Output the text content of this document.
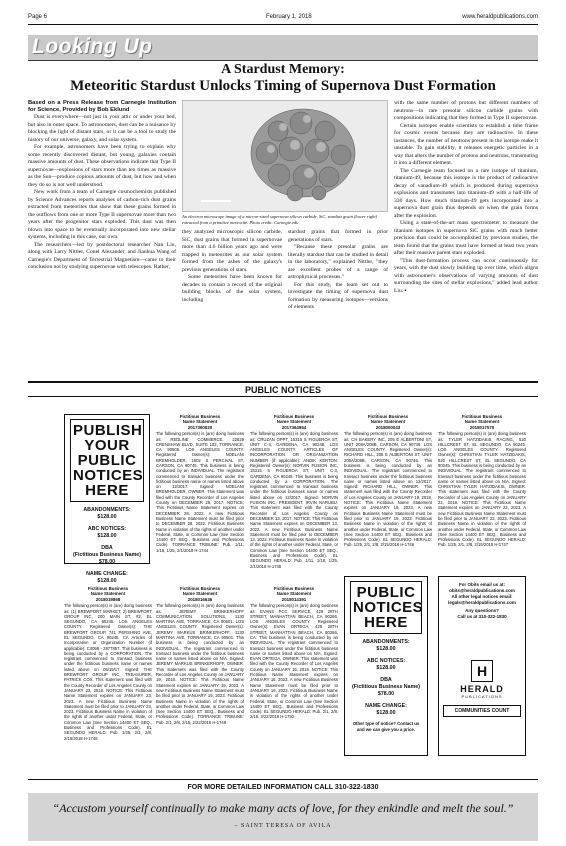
Page 6	February 1, 2018	www.heraldpublications.com
Looking Up
A Stardust Memory:
Meteoritic Stardust Unlocks Timing of Supernova Dust Formation

Based on a Press Release from Carnegie Institution for Science, Provided by Bob Eklund

Dust is everywhere—not just in your attic or under your bed, but also in outer space. To astronomers, dust can be a nuisance by blocking the light of distant stars, or it can be a tool to study the history of our universe, galaxy, and solar system.

For example, astronomers have been trying to explain why some recently discovered distant, but young, galaxies contain massive amounts of dust. These observations indicate that Type II supernovae—explosions of stars more than ten times as massive as the Sun—produce copious amounts of dust, but how and when they do so is not well understood.

New work from a team of Carnegie cosmochemists published by Science Advances reports analyses of carbon-rich dust grains extracted from meteorites that show that these grains formed in the outflows from one or more Type II supernovae more than two years after the progenitor stars exploded. This dust was then blown into space to be eventually incorporated into new stellar systems, including in this case, our own.

The researchers—led by postdoctoral researcher Nan Liu, along with Larry Nittler, Conel Alexander, and Jianhua Wang of Carnegie's Department of Terrestrial Magnetism—came to their conclusion not by studying supernovae with telescopes. Rather,

An electron microscope image of a micron-sized supernova silicon carbide, SiC, stardust grain (lower right) extracted from a primitive meteorite. Photo credit: Carnegie.edu

they analyzed microscopic silicon carbide, SiC, dust grains that formed in supernovae more than 4.6 billion years ago and were trapped in meteorites as our solar system formed from the ashes of the galaxy's previous generations of stars.

Some meteorites have been known for decades to contain a record of the original building blocks of the solar system, including

stardust grains that formed in prior generations of stars.

"Because these presolar grains are literally stardust that can be studied in detail in the laboratory," explained Nittler, "they are excellent probes of a range of astrophysical processes."

For this study, the team set out to investigate the timing of supernova dust formation by measuring isotopes—versions of elements

with the same number of protons but different numbers of neutrons—in rare presolar silicon carbide grains with compositions indicating that they formed in Type II supernovae.

Certain isotopes enable scientists to establish a time frame for cosmic events because they are radioactive. In these instances, the number of neutrons present in the isotope make it unstable. To gain stability, it releases energetic particles in a way that alters the number of protons and neutrons, transmuting it into a different element.

The Carnegie team focused on a rare isotope of titanium, titanium-49, because this isotope is the product of radioactive decay of vanadium-49 which is produced during supernova explosions and transmutes into titanium-49 with a half-life of 330 days. How much titanium-49 gets incorporated into a supernova dust grain thus depends on when the grain forms after the explosion.

Using a state-of-the-art mass spectrometer to measure the titanium isotopes in supernova SiC grains with much better precision than could be accomplished by previous studies, the team found that the grains must have formed at least two years after their massive parent stars exploded.

"This dust-formation process can occur continuously for years, with the dust slowly building up over time, which aligns with astronomer's observations of varying amounts of dust surrounding the sites of stellar explosions," added lead author Liu. ▪

PUBLIC NOTICES
PUBLISH YOUR PUBLIC NOTICES HERE
ABANDONMENTS:
$128.00
ABC NOTICES:
$128.00
DBA
(Fictitious Business Name)
$78.00
NAME CHANGE:
$128.00
Fictitious Business
Name Statement
2017360020
The following person(s) is (are) doing business as: REDLINE COMMERCE, 22829 CRENSHAW BLVD, SUITE 102, TORRANCE, CA 90505. LOS ANGELES COUNTY. Registered Owner(s): NOELANI BREMHOLDER, 1602 S PERCIVAL ST, CARSON, CA 90745. This business is being conducted by an INDIVIDUAL. The registrant commenced to transact business under the fictitious business name or names listed above on 12/2017. Signed: NOELANI BREMHOLDER, OWNER. This statement was filed with the County Recorder of Los Angeles County on DECEMBER 29, 2017. NOTICE: This Fictitious Name Statement expires on DECEMBER 28, 2022. A new Fictitious Business Name Statement must be filed prior to DECEMBER 28, 2022. Fictitious Business Name in violation of the rights of another under Federal, State, or Common Law (See Section 14400 ET SEQ., Business and Professions Code). TORRANCE TRIBUNE: Pub. 1/11, 1/18, 1/25, 2/1/2018 H-1744
Fictitious Business
Name Statement
2017364954
The following person(s) is (are) doing business as: CRUZAN OPPT, 15315 S FIGUEROA ST, UNIT C-3, GARDENA, CA 90248. LOS ANGELES COUNTY. ARTICLES OF INCORPORATION OR ORGANIZATION NUMBER (if applicable): ANDIK KERTON. Registered Owner(s): NORVIN FUSION INC, 15315 S FIGUEROA ST, UNIT C-3, GARDENA, CA 90248. This business is being conducted by a CORPORATION. The registrant commenced to transact business under the fictitious business name or names listed above on 12/2017. Signed: NORVIN FUSION INC, PRESIDENT, IRVIN NARUBU. This statement was filed with the County Recorder of Los Angeles County on DECEMBER 13, 2017. NOTICE: This Fictitious Name Statement expires on DECEMBER 13, 2022. A new Fictitious Business Name Statement must be filed prior to DECEMBER 13, 2022. Fictitious Business Name in violation of the rights of another under Federal, State, or Common Law (See Section 14400 ET SEQ., Business and Professions Code). EL SEGUNDO HERALD: Pub. 1/11, 1/18, 1/25, 2/1/2018 H-1745
Fictitious Business
Name Statement
2018000043
The following person(s) is (are) doing business as: CH BAKERY INC, 205 E ALBERTONI ST, UNIT 208A/208B, CARSON, CA 90746. LOS ANGELES COUNTY. Registered Owner(s): RICHARD HILL, 205 E ALBERTONI ST, UNIT 208A/208B, CARSON, CA 90746. This business is being conducted by an INDIVIDUAL. The registrant commenced to transact business under the fictitious business name or names listed above on 12/2017. Signed: RICHARD HILL, OWNER. This statement was filed with the County Recorder of Los Angeles County on JANUARY 19, 2018. NOTICE: This Fictitious Name Statement expires on JANUARY 19, 2023. A new Fictitious Business Name Statement must be filed prior to JANUARY 19, 2023. Fictitious Business Name in violation of the rights of another under Federal, State, or Common Law (See Section 14400 ET SEQ., Business and Professions Code). EL SEGUNDO HERALD: Pub. 1/25, 2/1, 2/8, 2/15/2018 H-1746
Fictitious Business
Name Statement
2018017570
The following person(s) is (are) doing business as: TYLER HATZIDAKIS RACING, 520 HILLCREST ST, EL SEGUNDO, CA 90245. LOS ANGELES COUNTY. Registered Owner(s): CHRISTIAN TYLER HATZIDAKIS, 520 HILLCREST ST, EL SEGUNDO, CA 90245. This business is being conducted by an INDIVIDUAL. The registrant commenced to transact business under the fictitious business name or names listed above on N/A. Signed: CHRISTIAN TYLER HATZIDAKIS, OWNER. This statement was filed with the County Recorder of Los Angeles County on JANUARY 22, 2018. NOTICE: This Fictitious Name Statement expires on JANUARY 22, 2023. A new Fictitious Business Name Statement must be filed prior to JANUARY 22, 2023. Fictitious Business Name in violation of the rights of another under Federal, State, or Common Law (See Section 14400 ET SEQ., Business and Professions Code). EL SEGUNDO HERALD: Pub. 1/25, 2/1, 2/8, 2/15/2018 H-1747
Fictitious Business
Name Statement
2018019868
The following person(s) is (are) doing business as: (1) BREWFORT MARKET, 2) BREWFORT GROUP INC, 200 MAIN ST, #2, EL SEGUNDO, CA 90245. LOS ANGELES COUNTY. Registered Owner(s): THE BREWFORT GROUP, 741 PERSHING AVE, EL SEGUNDO, CA 90245. CA Articles of Incorporation or Organization Number (if applicable): C4098 - 2977857. This business is being conducted by a CORPORATION. The registrant commenced to transact business under the fictitious business name or names listed above on 05/19/17. Signed: THE BREWFORT GROUP INC, TREASURER, PATRICK COX. This statement was filed with the County Recorder of Los Angeles County on JANUARY 23, 2018. NOTICE: This Fictitious Name Statement expires on JANUARY 23, 2023. A new Fictitious Business Name Statement must be filed prior to JANUARY 23, 2023. Fictitious Business Name in violation of the rights of another under Federal, State, or Common Law (See Section 14400 ET SEQ., Business and Professions Code). EL SEGUNDO HERALD: Pub. 1/25, 2/1, 2/8, 2/15/2018 H-1748
Fictitious Business
Name Statement
2018016636
The following person(s) is (are) doing business as: JEREMY BRINKERHOFF COMMUNICATION SOLUTIONS, 1130 MARTINA AVE, TORRANCE, CA 90501. LOS ANGELES COUNTY. Registered Owner(s): JEREMY MARKUS BRINKERHOFF, 1130 MARTINA AVE, TORRANCE, CA 90501. This business is being conducted by an INDIVIDUAL. The registrant commenced to transact business under the fictitious business name or names listed above on N/A. Signed: JEREMY MARKUS BRINKERHOFF, OWNER. This statement was filed with the County Recorder of Los Angeles County on JANUARY 19, 2018. NOTICE: This Fictitious Name Statement expires on JANUARY 19, 2023. A new Fictitious Business Name Statement must be filed prior to JANUARY 19, 2023. Fictitious Business Name in violation of the rights of another under Federal, State, or Common Law (See Section 14400 ET SEQ., Business and Professions Code). TORRANCE TRIBUNE: Pub. 2/1, 2/8, 2/15, 2/22/2018 H-1749
Fictitious Business
Name Statement
2018014391
The following person(s) is (are) doing business as: EVANS PCC SERVICE, 429 28TH STREET, MANHATTAN BEACH, CA 90266. LOS ANGELES COUNTY. Registered Owner(s): EVAN ORTEGA, 429 28TH STREET, MANHATTAN BEACH, CA 90266, CA. This business is being conducted by an INDIVIDUAL. The registrant commenced to transact business under the fictitious business name or names listed above on N/A. Signed: EVAN ORTEGA, OWNER. This statement was filed with the County Recorder of Los Angeles County on JANUARY 16, 2018. NOTICE: This Fictitious Name Statement expires on JANUARY 16, 2023. A new Fictitious Business Name Statement must be filed prior to JANUARY 16, 2023. Fictitious Business Name in violation of the rights of another under Federal, State, or Common Law (See Section 14400 ET SEQ., Business and Professions Code). EL SEGUNDO HERALD: Pub. 2/1, 2/8, 2/15, 2/22/2018 H-1750
PUBLIC NOTICES HERE
ABANDONMENTS:
$128.00
ABC NOTICES:
$128.00
DBA
(Fictitious Business Name)
$78.00
NAME CHANGE:
$128.00
Other type of notice? Contact us and we can give you a price.
For Obits email us at:
obits@heraldpublications.com
All other legal notices email:
legals@heraldpublications.com
Any questions?
Call us at 310-322-1830
H
HERALD
PUBLICATIONS
COMMUNITIES COUNT
FOR MORE DETAILED INFORMATION CALL 310-322-1830
“Accustom yourself continually to make many acts of love, for they enkindle and melt the soul.”
– SAINT TERESA OF AVILA
